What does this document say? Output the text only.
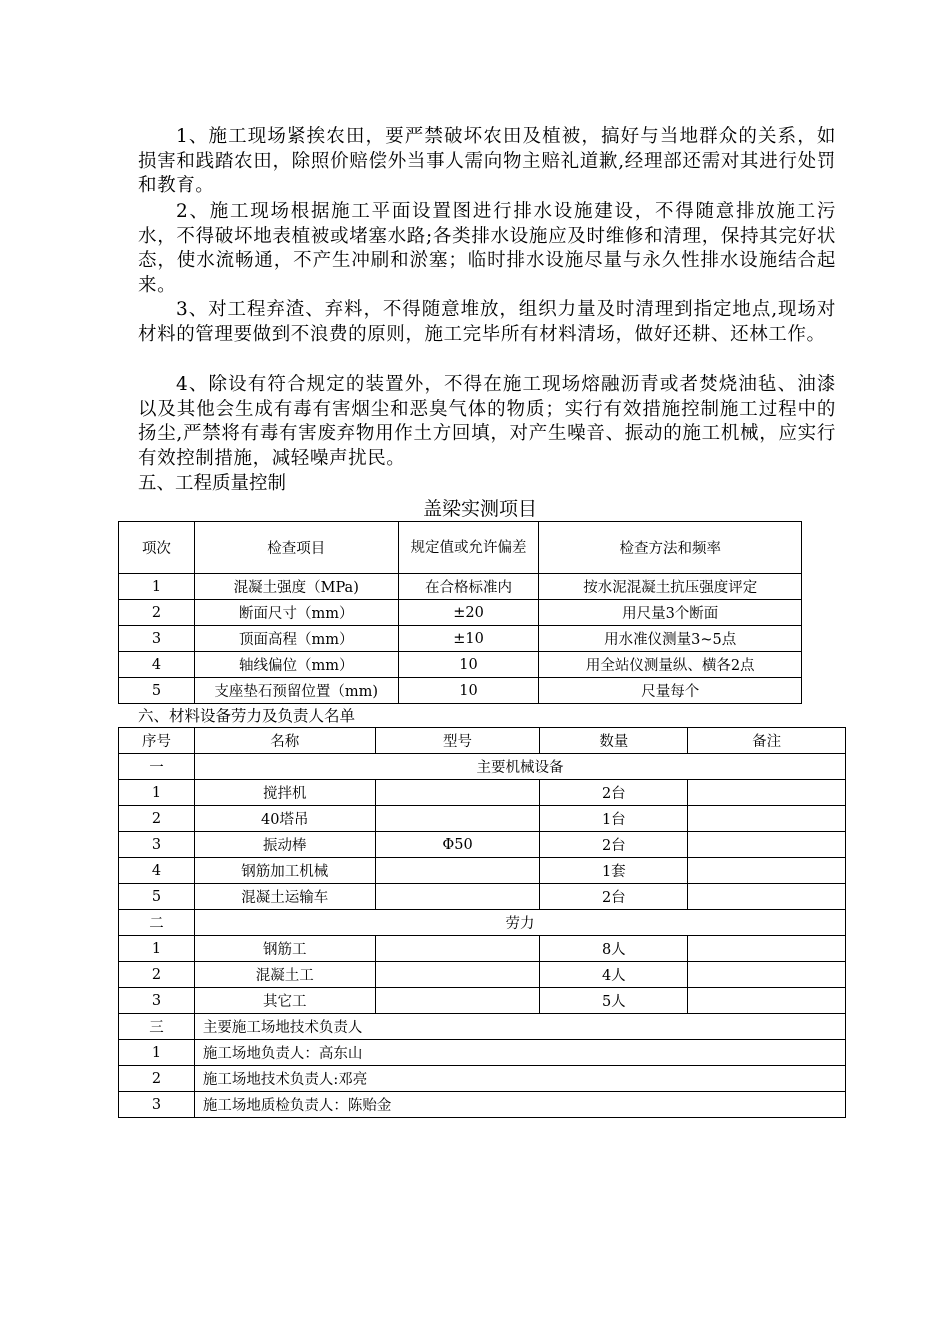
1、施工现场紧挨农田，要严禁破坏农田及植被，搞好与当地群众的关系，如损害和践踏农田，除照价赔偿外当事人需向物主赔礼道歉,经理部还需对其进行处罚和教育。

2、施工现场根据施工平面设置图进行排水设施建设，不得随意排放施工污水，不得破坏地表植被或堵塞水路;各类排水设施应及时维修和清理，保持其完好状态，使水流畅通，不产生冲刷和淤塞；临时排水设施尽量与永久性排水设施结合起来。

3、对工程弃渣、弃料，不得随意堆放，组织力量及时清理到指定地点,现场对材料的管理要做到不浪费的原则，施工完毕所有材料清场，做好还耕、还林工作。

4、除设有符合规定的装置外，不得在施工现场熔融沥青或者焚烧油毡、油漆以及其他会生成有毒有害烟尘和恶臭气体的物质；实行有效措施控制施工过程中的扬尘,严禁将有毒有害废弃物用作土方回填，对产生噪音、振动的施工机械，应实行有效控制措施，减轻噪声扰民。

五、工程质量控制

盖梁实测项目
项次	检查项目	规定值或允许偏差	检查方法和频率
1	混凝土强度（MPa)	在合格标准内	按水泥混凝土抗压强度评定
2	断面尺寸（mm）	±20	用尺量3个断面
3	顶面高程（mm）	±10	用水准仪测量3~5点
4	轴线偏位（mm）	10	用全站仪测量纵、横各2点
5	支座垫石预留位置（mm)	10	尺量每个
六、材料设备劳力及负责人名单
序号	名称	型号	数量	备注
一	主要机械设备			
1	搅拌机		2台	
2	40塔吊		1台	
3	振动棒	Φ50	2台	
4	钢筋加工机械		1套	
5	混凝土运输车		2台	
二	劳力			
1	钢筋工		8人	
2	混凝土工		4人	
3	其它工		5人	
三	主要施工场地技术负责人			
1	施工场地负责人：高东山			
2	施工场地技术负责人:邓亮			
3	施工场地质检负责人：陈贻金			
